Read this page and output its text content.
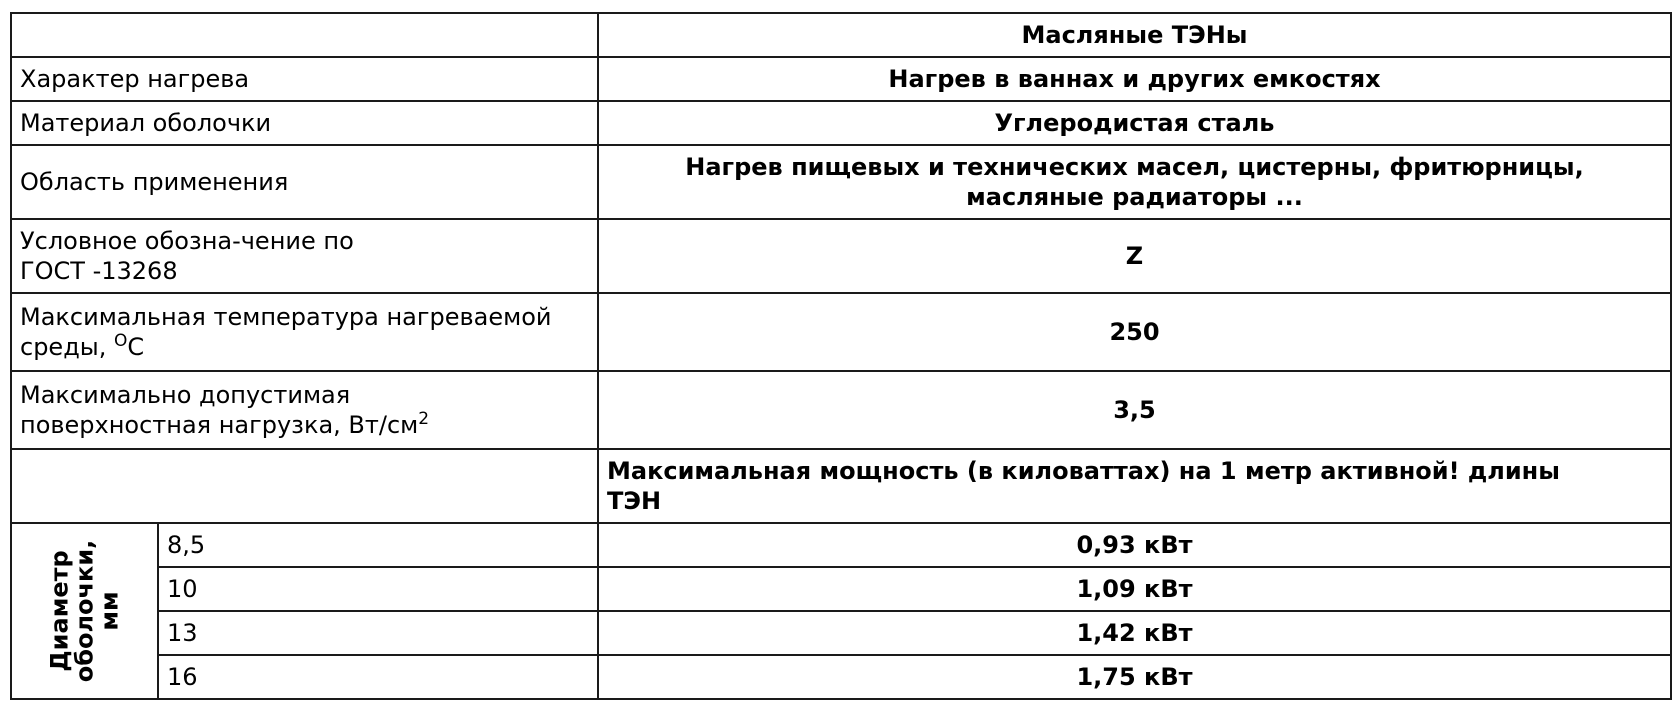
		Масляные ТЭНы
Характер нагрева		Нагрев в ваннах и других емкостях
Материал оболочки		Углеродистая сталь
Область применения		Нагрев пищевых и технических масел, цистерны, фритюрницы,
масляные радиаторы ...
Условное обозна-чение по
ГОСТ -13268		Z
Максимальная температура нагреваемой
среды, $^О$С		250
Максимально допустимая
поверхностная нагрузка, $Вт/см^2$		3,5
		Максимальная мощность (в киловаттах) на 1 метр активной! длины
ТЭН

Диаметр
оболочки,
мм	8,5	0,93 кВт
	10	1,09 кВт
	13	1,42 кВт
	16	1,75 кВт
